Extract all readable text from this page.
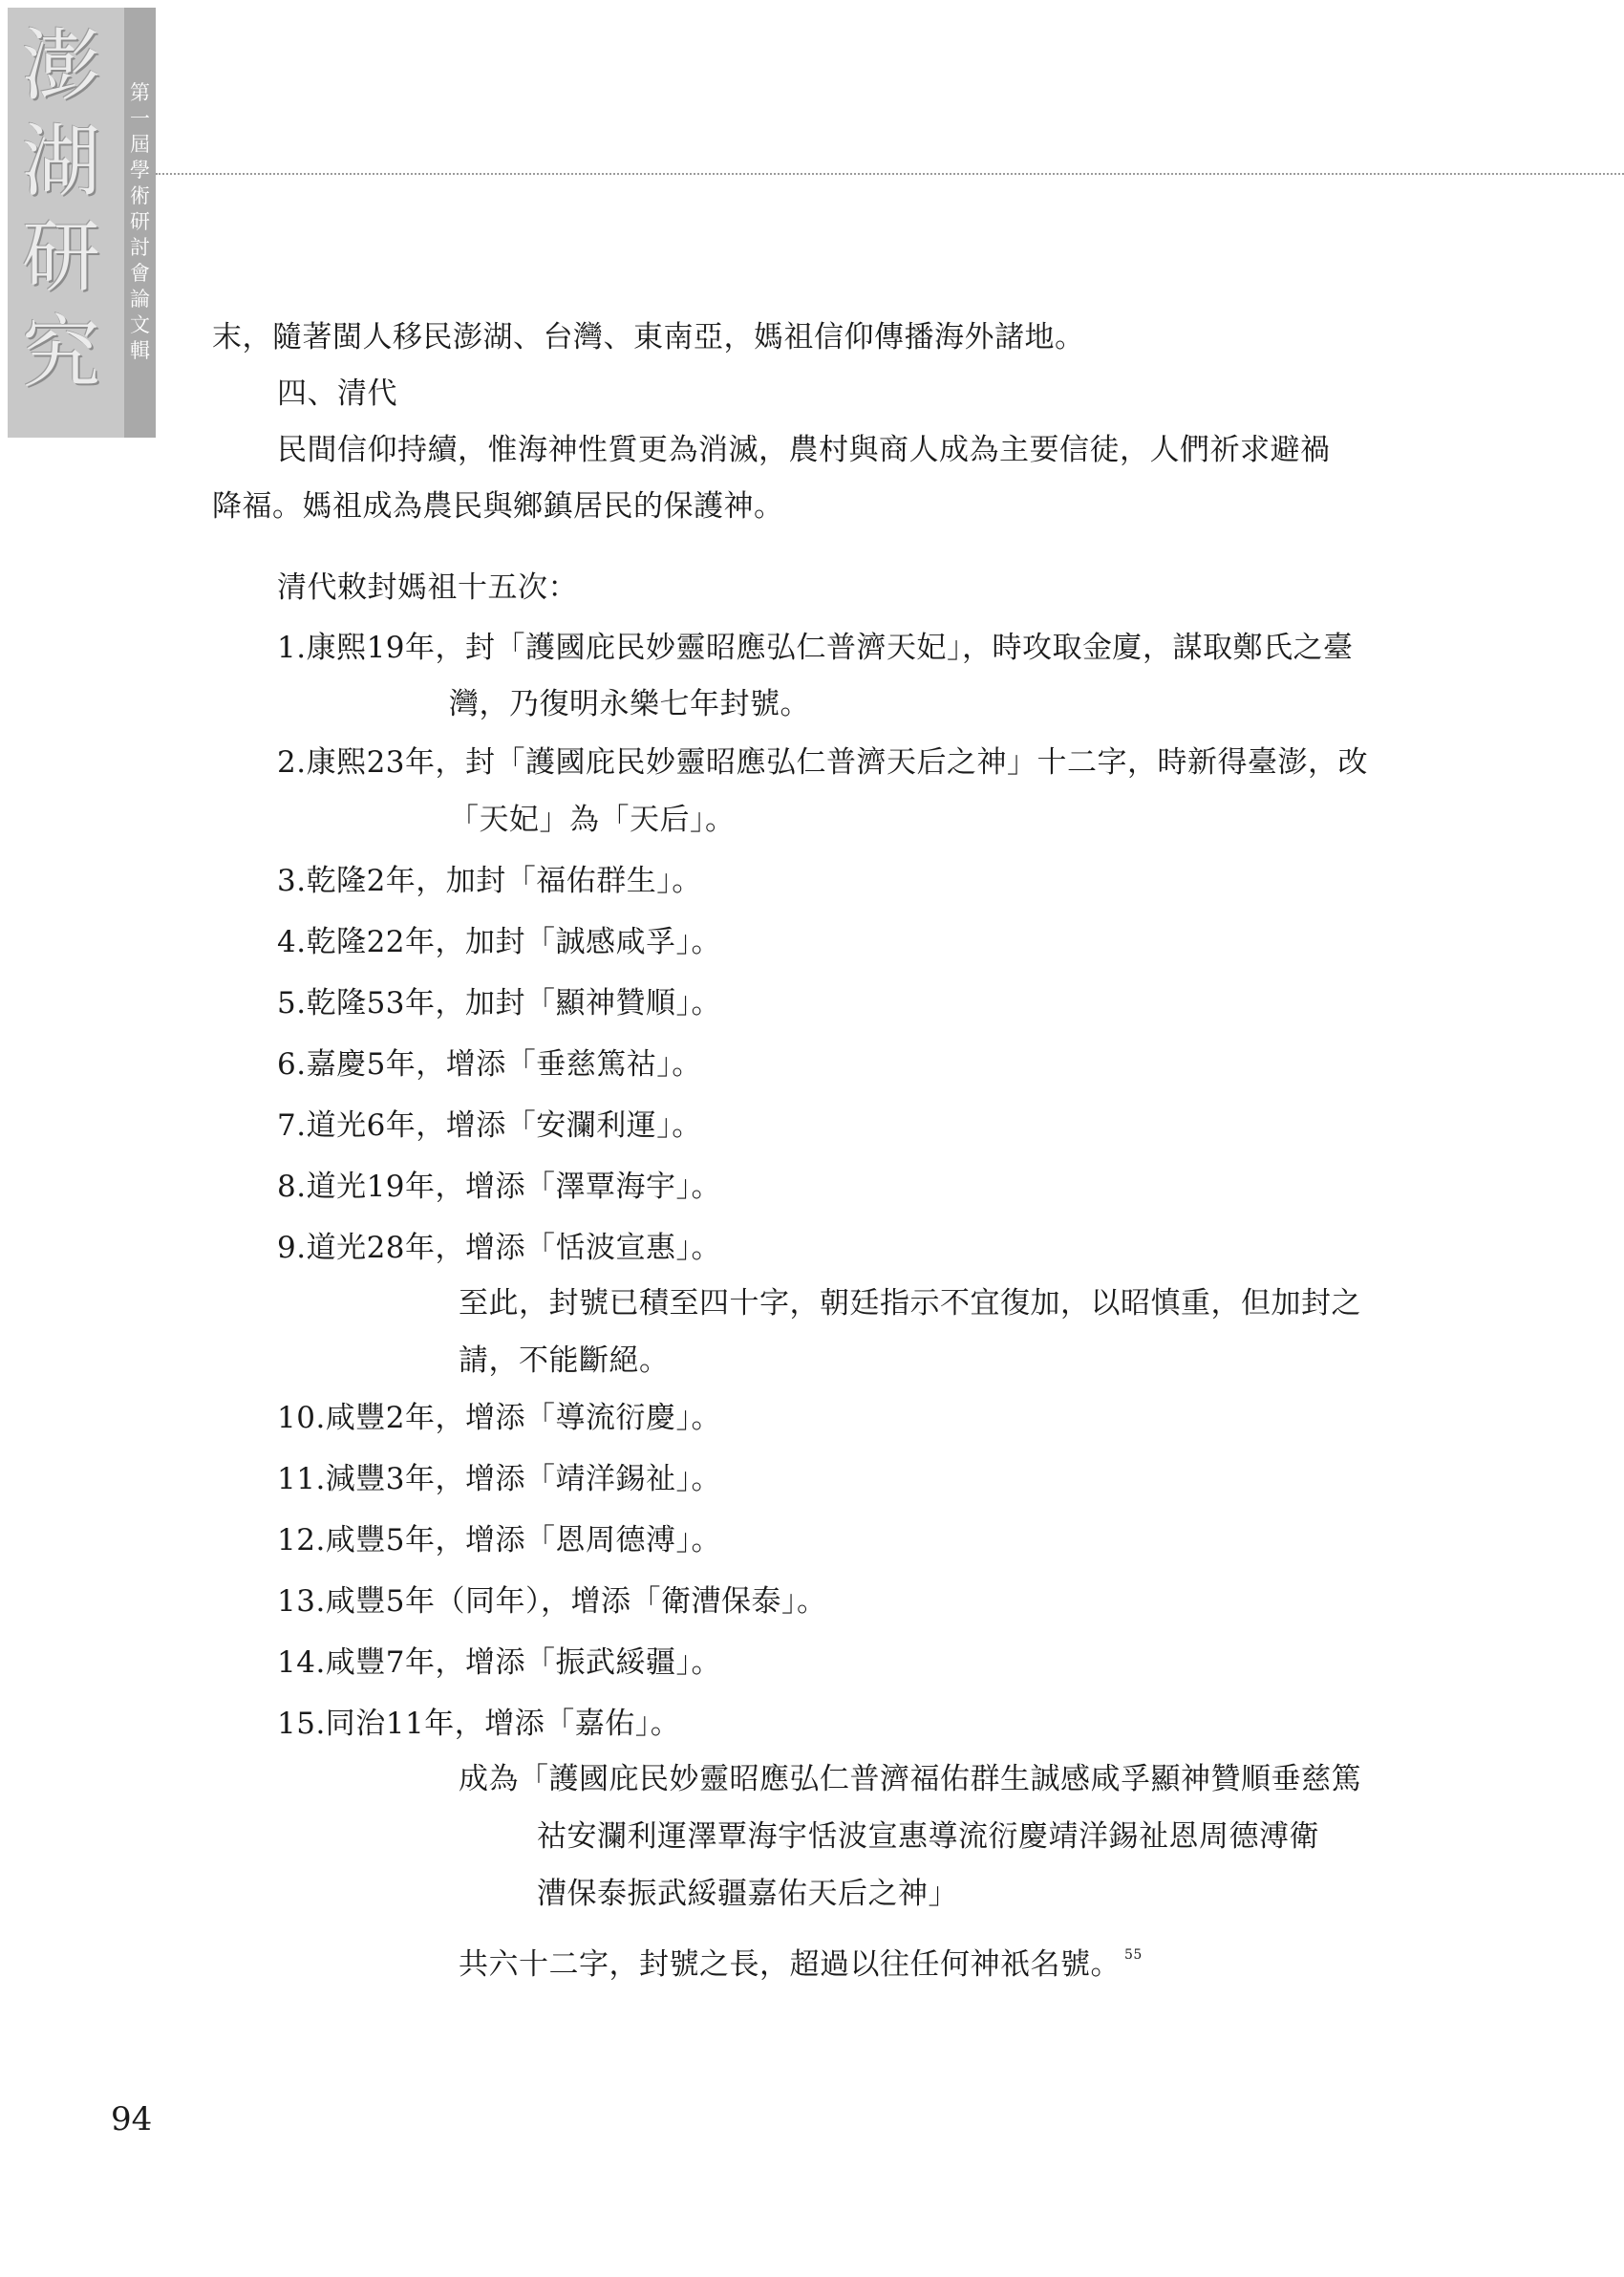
澎
湖
研
究
第
一
屆
學
術
研
討
會
論
文
輯 末，隨著閩人移民澎湖、台灣、東南亞，媽祖信仰傳播海外諸地。
四、清代
民間信仰持續，惟海神性質更為消滅，農村與商人成為主要信徒，人們祈求避禍
降福。媽祖成為農民與鄉鎮居民的保護神。
清代敕封媽祖十五次：
1.康熙19年，封「護國庇民妙靈昭應弘仁普濟天妃」，時攻取金廈，謀取鄭氏之臺
灣，乃復明永樂七年封號。
2.康熙23年，封「護國庇民妙靈昭應弘仁普濟天后之神」十二字，時新得臺澎，改
「天妃」為「天后」。
3.乾隆2年，加封「福佑群生」。
4.乾隆22年，加封「誠感咸孚」。
5.乾隆53年，加封「顯神贊順」。
6.嘉慶5年，增添「垂慈篤祜」。
7.道光6年，增添「安瀾利運」。
8.道光19年，增添「澤覃海宇」。
9.道光28年，增添「恬波宣惠」。
至此，封號已積至四十字，朝廷指示不宜復加，以昭慎重，但加封之
請，不能斷絕。
10.咸豐2年，增添「導流衍慶」。
11.減豐3年，增添「靖洋錫祉」。
12.咸豐5年，增添「恩周德溥」。
13.咸豐5年（同年），增添「衛漕保泰」。
14.咸豐7年，增添「振武綏疆」。
15.同治11年，增添「嘉佑」。
成為「護國庇民妙靈昭應弘仁普濟福佑群生誠感咸孚顯神贊順垂慈篤
祜安瀾利運澤覃海宇恬波宣惠導流衍慶靖洋錫祉恩周德溥衛
漕保泰振武綏疆嘉佑天后之神」
共六十二字，封號之長，超過以往任何神祇名號。 $^{55}$
94
